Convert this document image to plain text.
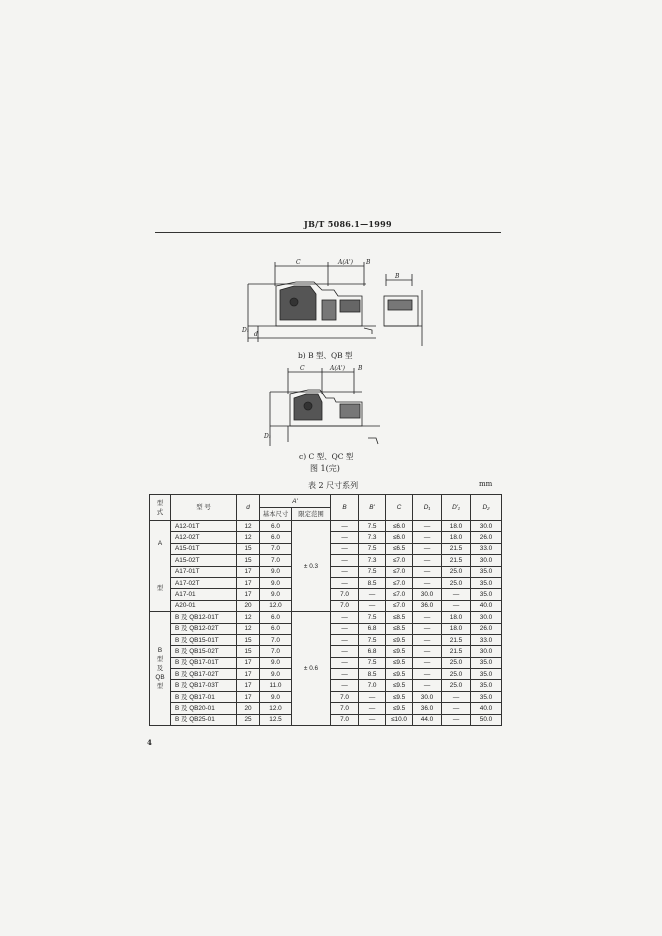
JB/T 5086.1—1999
C	A(A') B
B
D₁
d
b) B 型、QB 型
C	A(A') B
D₁
c) C 型、QC 型
图 1(完)
表 2 尺寸系列	mm
型
式	型 号	d	A'		B	B'	C	D₁	D'₁	D₂
			基本尺寸	限定范围						

A
型	A12-01T	12	6.0	± 0.3	—	7.5	≤6.0	—	18.0	30.0
	A12-02T	12	6.0		—	7.3	≤6.0	—	18.0	26.0
	A15-01T	15	7.0		—	7.5	≤6.5	—	21.5	33.0
	A15-02T	15	7.0		—	7.3	≤7.0	—	21.5	30.0
	A17-01T	17	9.0		—	7.5	≤7.0	—	25.0	35.0
	A17-02T	17	9.0		—	8.5	≤7.0	—	25.0	35.0
	A17-01	17	9.0		7.0	—	≤7.0	30.0	—	35.0
	A20-01	20	12.0		7.0	—	≤7.0	36.0	—	40.0
B
型
及
QB
型	B 及 QB12-01T	12	6.0	± 0.6	—	7.5	≤8.5	—	18.0	30.0
	B 及 QB12-02T	12	6.0		—	6.8	≤8.5	—	18.0	26.0
	B 及 QB15-01T	15	7.0		—	7.5	≤9.5	—	21.5	33.0
	B 及 QB15-02T	15	7.0		—	6.8	≤9.5	—	21.5	30.0
	B 及 QB17-01T	17	9.0		—	7.5	≤9.5	—	25.0	35.0
	B 及 QB17-02T	17	9.0		—	8.5	≤9.5	—	25.0	35.0
	B 及 QB17-03T	17	11.0		—	7.0	≤9.5	—	25.0	35.0
	B 及 QB17-01	17	9.0		7.0	—	≤9.5	30.0	—	35.0
	B 及 QB20-01	20	12.0		7.0	—	≤9.5	36.0	—	40.0
	B 及 QB25-01	25	12.5		7.0	—	≤10.0	44.0	—	50.0
4
